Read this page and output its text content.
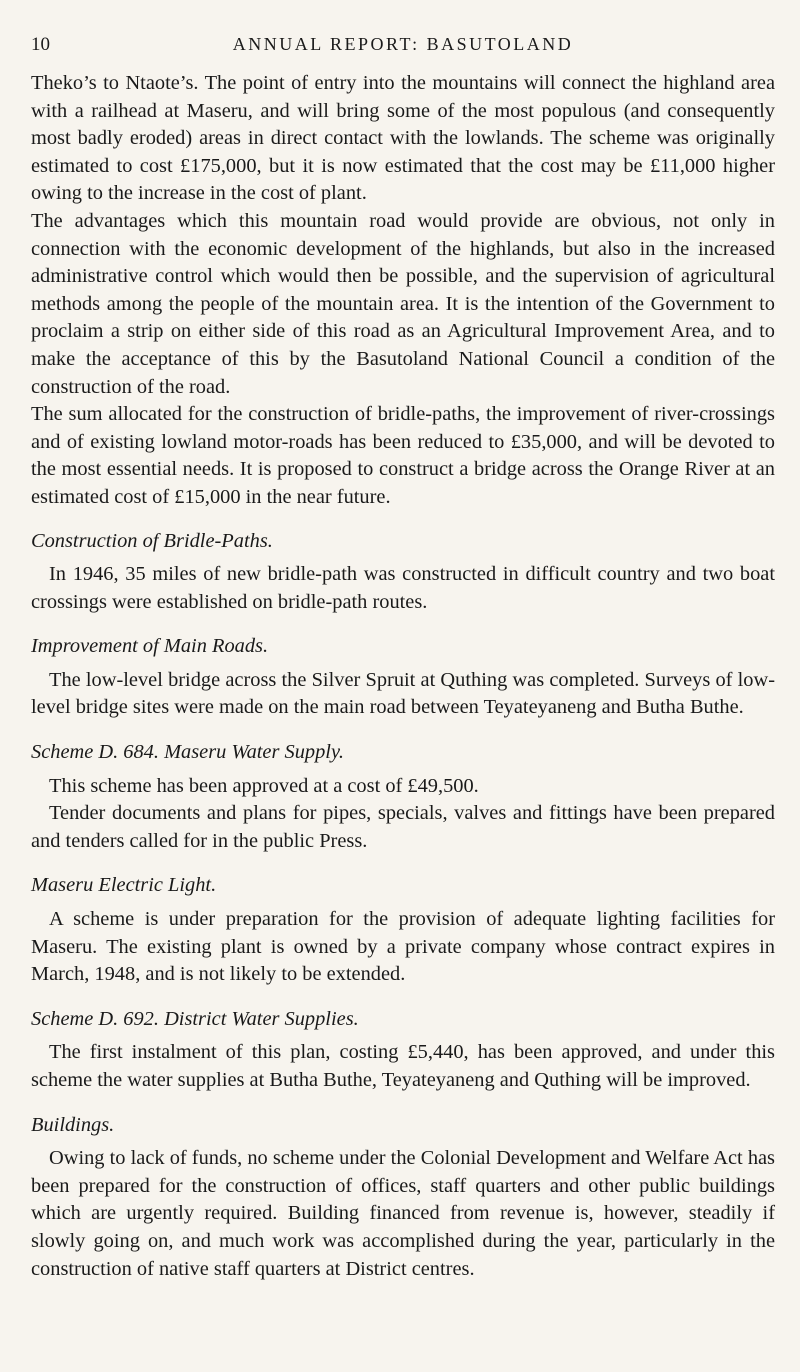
10	ANNUAL REPORT: BASUTOLAND

Theko’s to Ntaote’s. The point of entry into the mountains will connect the highland area with a railhead at Maseru, and will bring some of the most populous (and consequently most badly eroded) areas in direct contact with the lowlands. The scheme was originally estimated to cost £175,000, but it is now estimated that the cost may be £11,000 higher owing to the increase in the cost of plant.

The advantages which this mountain road would provide are obvious, not only in connection with the economic development of the highlands, but also in the increased administrative control which would then be possible, and the supervision of agricultural methods among the people of the mountain area. It is the intention of the Government to proclaim a strip on either side of this road as an Agricultural Improvement Area, and to make the acceptance of this by the Basutoland National Council a condition of the construction of the road.

The sum allocated for the construction of bridle-paths, the improvement of river-crossings and of existing lowland motor-roads has been reduced to £35,000, and will be devoted to the most essential needs. It is proposed to construct a bridge across the Orange River at an estimated cost of £15,000 in the near future.

Construction of Bridle-Paths.

In 1946, 35 miles of new bridle-path was constructed in difficult country and two boat crossings were established on bridle-path routes.

Improvement of Main Roads.

The low-level bridge across the Silver Spruit at Quthing was completed. Surveys of low-level bridge sites were made on the main road between Teyateyaneng and Butha Buthe.

Scheme D. 684. Maseru Water Supply.

This scheme has been approved at a cost of £49,500.

Tender documents and plans for pipes, specials, valves and fittings have been prepared and tenders called for in the public Press.

Maseru Electric Light.

A scheme is under preparation for the provision of adequate lighting facilities for Maseru. The existing plant is owned by a private company whose contract expires in March, 1948, and is not likely to be extended.

Scheme D. 692. District Water Supplies.

The first instalment of this plan, costing £5,440, has been approved, and under this scheme the water supplies at Butha Buthe, Teyateyaneng and Quthing will be improved.

Buildings.

Owing to lack of funds, no scheme under the Colonial Development and Welfare Act has been prepared for the construction of offices, staff quarters and other public buildings which are urgently required. Building financed from revenue is, however, steadily if slowly going on, and much work was accomplished during the year, particularly in the construction of native staff quarters at District centres.
